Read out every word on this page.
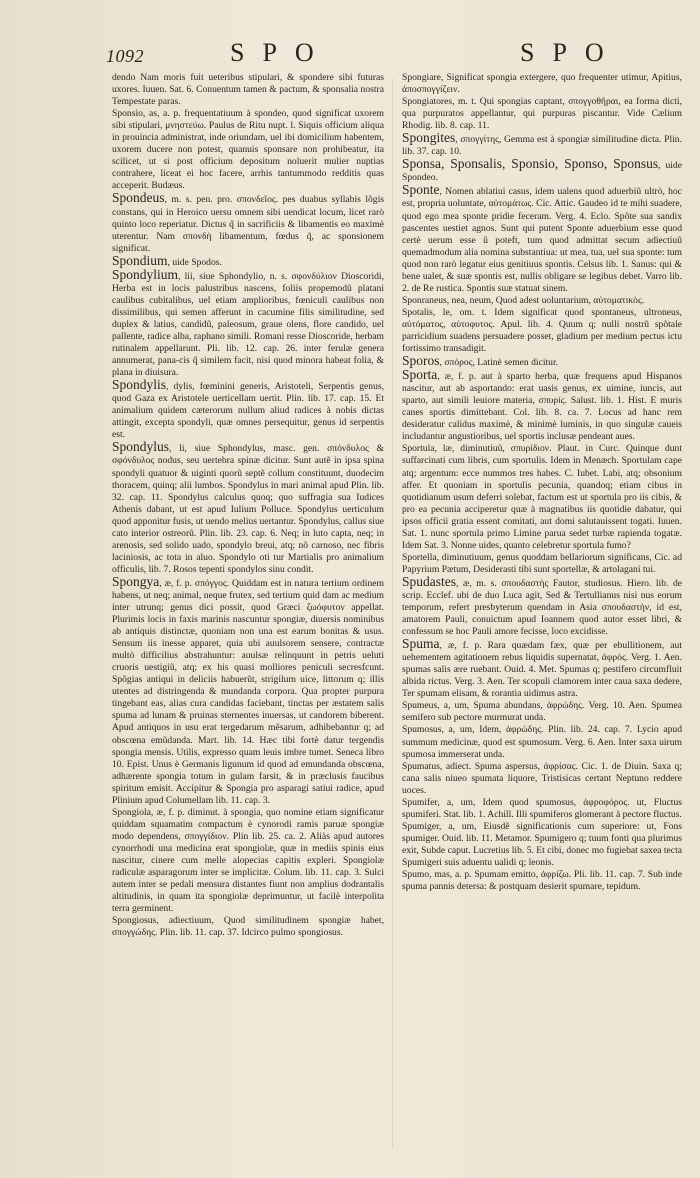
1092	SPO	SPO

dendo Nam moris fuit ueteribus stipulari, & spondere sibi futuras uxores. Iuuen. Sat. 6. Conuentum tamen & pactum, & sponsalia nostra Tempestate paras.

Sponsio, as, a. p. frequentatiuum à spondeo, quod significat uxorem sibi stipulari, μνηστεύω. Paulus de Ritu nupt. l. Siquis officium aliqua in prouincia administrat, inde oriundam, uel ibi domicilium habentem, uxorem ducere non potest, quanuis sponsare non prohibeatur, ita scilicet, ut si post officium depositum noluerit mulier nuptias contrahere, liceat ei hoc facere, arrhis tantummodo redditis quas acceperit. Budæus.

Spondeus, m. s. pen. pro. σπονδεῖος. pes duabus syllabis lõgis constans, qui in Heroico uersu omnem sibi uendicat locum, licet rarò quinto loco reperiatur. Dictus q̃ in sacrificiis & libamentis eo maximè uterentur. Nam σπονδὴ libamentum, fœdus q̃, ac sponsionem significat.

Spondium, uide Spodos.

Spondylium, lii, siue Sphondylio, n. s. σφονδύλιον Dioscoridi, Herba est in locis palustribus nascens, foliis propemodũ platani caulibus cubitalibus, uel etiam amplioribus, fœniculi caulibus non dissimilibus, qui semen afferunt in cacumine filis similitudine, sed duplex & latius, candidũ, paleosum, graue olens, flore candido, uel pallente, radice alba, raphano simili. Romani resse Dioscoride, herbam rutinalem appellarunt. Pli. lib. 12. cap. 26. inter ferulæ genera annumerat, pana-cis q̃ similem facit, nisi quod minora habeat folia, & plana in diuisura.

Spondylis, dylis, fœminini generis, Aristoteli, Serpentis genus, quod Gaza ex Aristotele uerticellam uertit. Plin. lib. 17. cap. 15. Et animalium quidem cæterorum nullum aliud radices à nobis dictas attingit, excepta spondyli, quæ omnes persequitur, genus id serpentis est.

Spondylus, li, siue Sphondylus, masc. gen. σπόνδυλος & σφόνδυλος nodus, seu uertebra spinæ dicitur. Sunt autẽ in ipsa spina spondyli quatuor & uiginti quorũ septẽ collum constituunt, duodecim thoracem, quinq; alii lumbos. Spondylus in mari animal apud Plin. lib. 32. cap. 11. Spondylus calculus quoq; quo suffragia sua Iudices Athenis dabant, ut est apud Iulium Polluce. Spondylus uerticulum quod apponitur fusis, ut uendo melius uertantur. Spondylus, callus siue cato interior ostreorũ. Plin. lib. 23. cap. 6. Neq; in luto capta, neq; in arenosis, sed solido uado, spondylo breui, atq; nõ carnoso, nec fibris laciniosis, ac tota in aluo. Spondylo oti tur Martialis pro animalium officulis, lib. 7. Rosos tepenti spondylos sinu condit.

Spongya, æ, f. p. σπόγγος. Quiddam est in natura tertium ordinem habens, ut neq; animal, neque frutex, sed tertium quid dam ac medium inter utrunq; genus dici possit, quod Græci ζωόφυτον appellat. Plurimis locis in faxis marinis nascuntur spongiæ, diuersis nominibus ab antiquis distinctæ, quoniam non una est earum bonitas & usus. Sensum iis inesse apparet, quia ubi auulsorem sensere, contractæ multò difficilius abstrahuntur: auulsæ relinquunt in petris ueluti cruoris uestigiũ, atq; ex his quasi molliores peniculi secresfcunt. Spõgias antiqui in deliciis habuerũt, strigilum uice, littorum q; illis utentes ad distringenda & mundanda corpora. Qua propter purpura tingebant eas, alias cura candidas faciebant, tinctas per æstatem salis spuma ad lunam & pruinas sternentes inuersas, ut candorem biberent. Apud antiquos in usu erat tergedarum mẽsarum, adhibebantur q; ad obscœna emũdanda. Mart. lib. 14. Hæc tibi fortè datur tergendis spongia mensis. Utilis, expresso quam leuis imbre tumet. Seneca libro 10. Epist. Unus è Germanis ligunum id quod ad emundanda obscœna, adhærente spongia totum in gulam farsit, & in præclusis faucibus spiritum emisit. Accipitur & Spongia pro asparagi satiui radice, apud Plinium apud Columellam lib. 11. cap. 3.

Spongiola, æ, f. p. diminut. à spongia, quo nomine etiam significatur quiddam squamatim compactum è cynorodi ramis paruæ spongiæ modo dependens, σπογγίδιον. Plin lib. 25. ca. 2. Aliàs apud autores cynorrhodi una medicina erat spongiolæ, quæ in mediis spinis eius nascitur, cinere cum melle alopecias capitis expleri. Spongiolæ radiculæ asparagorum inter se implicitæ. Colum. lib. 11. cap. 3. Sulci autem inter se pedali mensura distantes fiunt non amplius dodrantalis altitudinis, in quam ita spongiolæ deprimuntur, ut facilè interpolita terra germinent.

Spongiosus, adiectiuum, Quod similitudinem spongiæ habet, σπογγώδης. Plin. lib. 11. cap. 37. Idcirco pulmo spongiosus.

Spongiare, Significat spongia extergere, quo frequenter utimur, Apitius, ἀποσπογγίζειν.

Spongiatores, m. t. Qui spongias captant, σπογγοθῆραι, ea forma dicti, qua purpuratos appellantur, qui purpuras piscantur. Vide Cælium Rhodig. lib. 8. cap. 11.

Spongites, σπογγίτης, Gemma est à spongiæ similitudine dicta. Plin. lib. 37. cap. 10.

Sponsa, Sponsalis, Sponsio, Sponso, Sponsus, uide Spondeo.

Sponte, Nomen ablatiui casus, idem ualens quod aduerbiũ ultrò, hoc est, propria uoluntate, αὐτομάτως. Cic. Attic. Gaudeo id te mihi suadere, quod ego mea sponte pridie feceram. Verg. 4. Eclo. Spõte sua sandix pascentes uestiet agnos. Sunt qui putent Sponte aduerbium esse quod certè uerum esse ũ poteft, tum quod admittat secum adiectiuũ quemadmodum alia nomina substantiua: ut mea, tua, uel sua sponte: tum quod non rarò legatur eius genitiuus spontis. Celsus lib. 1. Sanus: qui & bene ualet, & suæ spontis est, nullis obligare se legibus debet. Varro lib. 2. de Re rustica. Spontis suæ statuat sinem.

Sponraneus, nea, neum, Quod adest uoluntarium, αὐτοματικὸς.

Spotalis, le, om. t. Idem significat quod spontaneus, ultroneus, αὐτόματος, αὐτοφυτος. Apul. lib. 4. Quum q; nulli nostrũ spõtale parricidium suadens persuadere posset, gladium per medium pectus ictu fortissimo transadigit.

Sporos, σπόρος, Latinè semen dicitur.

Sporta, æ, f. p. aut à sparto herba, quæ frequens apud Hispanos nascitur, aut ab asportando: erat uasis genus, ex uimine, iuncis, aut sparto, aut simili leuiore materia, σπυρίς. Salust. lib. 1. Hist. E muris canes sportis dimittebant. Col. lib. 8. ca. 7. Locus ad hanc rem desideratur calidus maximè, & minimè luminis, in quo singulæ caueis includantur angustioribus, uel sportis inclusæ pendeant aues.

Sportula, læ, diminutiuũ, σπυρίδιον. Plaut. in Curc. Quinque dunt suffarcinati cum libris, cum sportulis. Idem in Menæch. Sportulam cape atq; argentum: ecce nummos tres habes. C. Iubet. Labi, atq; obsonium affer. Et quoniam in sportulis pecunia, quandoq; etiam cibus in quotidianum usum deferri solebat, factum est ut sportula pro iis cibis, & pro ea pecunia acciperetur quæ à magnatibus iis quotidie dabatur, qui ipsos officii gratia essent comitati, aut domi salutauissent togati. Iuuen. Sat. 1. nunc sportula primo Limine parua sedet turbæ rapienda togatæ. Idem Sat. 3. Nonne uides, quanto celebretur sportula fumo?

Sportella, diminutiuum, genus quoddam bellariorum significans, Cic. ad Papyrium Pætum, Desiderasti tibi sunt sportellæ, & artolagani tui.

Spudastes, æ, m. s. σπουδαστὴς Fautor, studiosus. Hiero. lib. de scrip. Ecclef. ubi de duo Luca agit, Sed & Tertullianus nisi nus eorum temporum, refert presbyterum quendam in Asia σπουδαστὴν, id est, amatorem Pauli, conuictum apud Ioannem quod autor esset libri, & confessum se hoc Pauli amore fecisse, loco excidisse.

Spuma, æ, f. p. Rara quædam fæx, quæ per ebullitionem, aut uehementem agitationem rebus liquidis supernatat, ἀφρὸς. Verg. 1. Aen. spumas salis ære ruebant. Ouid. 4. Met. Spumas q; pestifero circumfluit albida rictus. Verg. 3. Aen. Ter scopuli clamorem inter caua saxa dedere, Ter spumam elisam, & rorantia uidimus astra.

Spumeus, a, um, Spuma abundans, ἀφρώδης. Verg. 10. Aen. Spumea semifero sub pectore murmurat unda.

Spumosus, a, um, Idem, ἀφρώδης. Plin. lib. 24. cap. 7. Lycio apud summum medicinæ, quod est spumosum. Verg. 6. Aen. Inter saxa uirum spumosa immerserat unda.

Spumatus, adiect. Spuma aspersus, ἀφρίσας. Cic. 1. de Diuin. Saxa q; cana salis niueo spumata liquore, Tristisicas certant Neptuno reddere uoces.

Spumifer, a, um, Idem quod spumosus, ἀφροφόρος. ut, Fluctus spumiferi. Stat. lib. 1. Achill. Illi spumiferos glomerant à pectore fluctus.

Spumiger, a, um, Eiusdẽ significationis cum superiore: ut, Fons spumiger. Ouid. lib. 11. Metamor. Spumigero q; tuum fonti qua plurimus exit, Subde caput. Lucretius lib. 5. Et cibi, donec mo fugiebat saxea tecta Spumigeri suis aduentu ualidi q; leonis.

Spumo, mas, a. p. Spumam emitto, ἀφρίζω. Pli. lib. 11. cap. 7. Sub inde spuma pannis detersa: & postquam desierit spumare, tepidum.
